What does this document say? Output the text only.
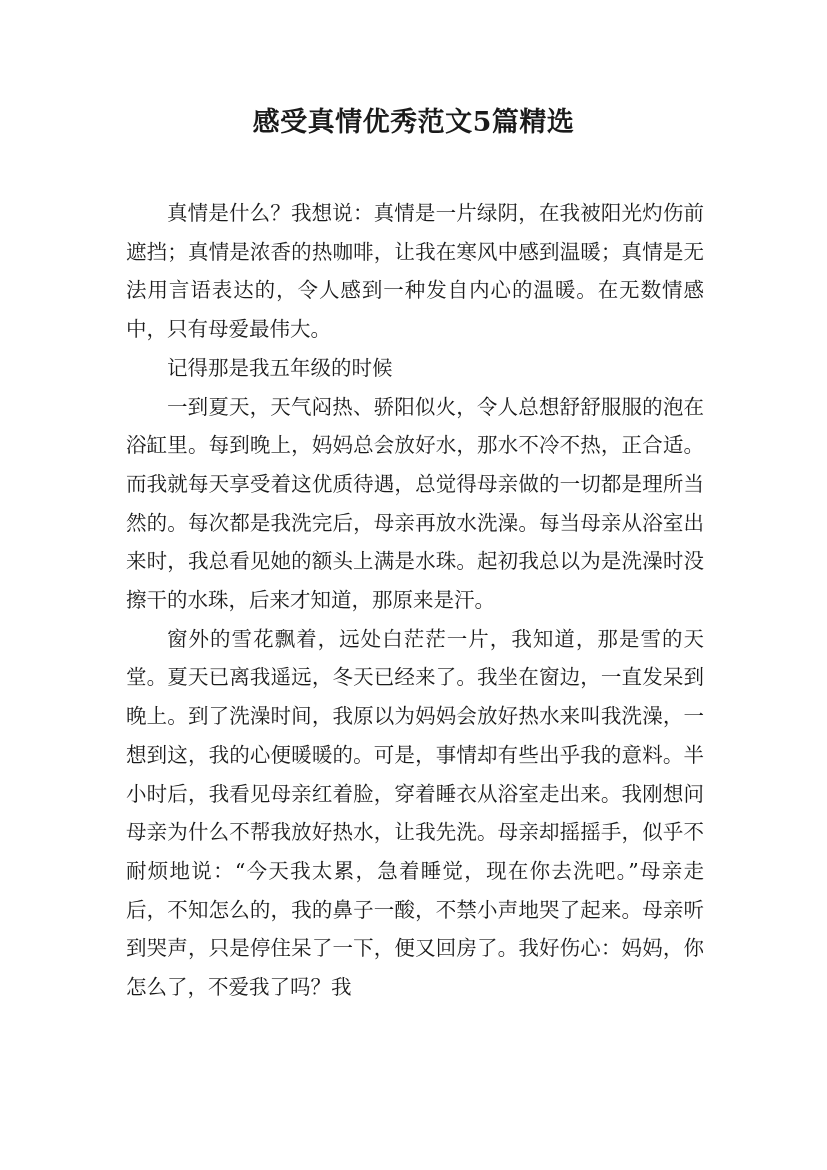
感受真情优秀范文5篇精选

真情是什么？我想说：真情是一片绿阴，在我被阳光灼伤前遮挡；真情是浓香的热咖啡，让我在寒风中感到温暖；真情是无法用言语表达的，令人感到一种发自内心的温暖。在无数情感中，只有母爱最伟大。

记得那是我五年级的时候

一到夏天，天气闷热、骄阳似火，令人总想舒舒服服的泡在浴缸里。每到晚上，妈妈总会放好水，那水不冷不热，正合适。而我就每天享受着这优质待遇，总觉得母亲做的一切都是理所当然的。每次都是我洗完后，母亲再放水洗澡。每当母亲从浴室出来时，我总看见她的额头上满是水珠。起初我总以为是洗澡时没擦干的水珠，后来才知道，那原来是汗。

窗外的雪花飘着，远处白茫茫一片，我知道，那是雪的天堂。夏天已离我遥远，冬天已经来了。我坐在窗边，一直发呆到晚上。到了洗澡时间，我原以为妈妈会放好热水来叫我洗澡，一想到这，我的心便暖暖的。可是，事情却有些出乎我的意料。半小时后，我看见母亲红着脸，穿着睡衣从浴室走出来。我刚想问母亲为什么不帮我放好热水，让我先洗。母亲却摇摇手，似乎不耐烦地说：“今天我太累，急着睡觉，现在你去洗吧。”母亲走后，不知怎么的，我的鼻子一酸，不禁小声地哭了起来。母亲听到哭声，只是停住呆了一下，便又回房了。我好伤心：妈妈，你怎么了，不爱我了吗？我
